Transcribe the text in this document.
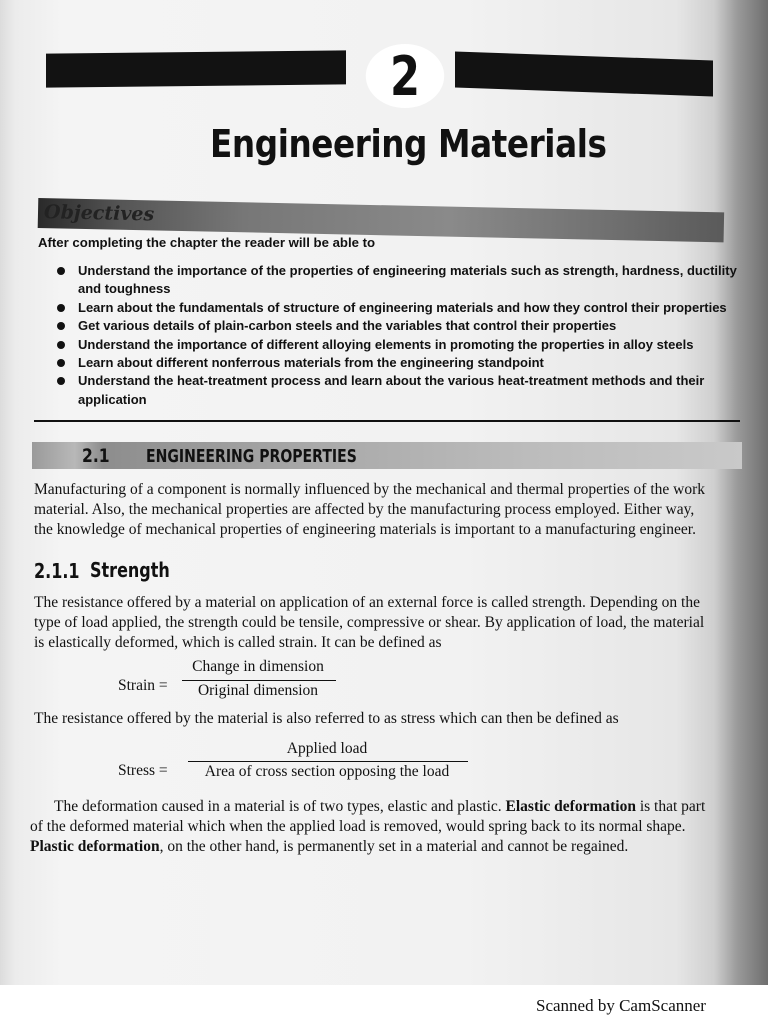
2
Engineering Materials
Objectives
After completing the chapter the reader will be able to
Understand the importance of the properties of engineering materials such as strength, hardness, ductility and toughness
Learn about the fundamentals of structure of engineering materials and how they control their properties
Get various details of plain-carbon steels and the variables that control their properties
Understand the importance of different alloying elements in promoting the properties in alloy steels
Learn about different nonferrous materials from the engineering standpoint
Understand the heat-treatment process and learn about the various heat-treatment methods and their application
2.1 ENGINEERING PROPERTIES
Manufacturing of a component is normally influenced by the mechanical and thermal properties of the work
material. Also, the mechanical properties are affected by the manufacturing process employed. Either way,
the knowledge of mechanical properties of engineering materials is important to a manufacturing engineer.
2.1.1 Strength
The resistance offered by a material on application of an external force is called strength. Depending on the
type of load applied, the strength could be tensile, compressive or shear. By application of load, the material
is elastically deformed, which is called strain. It can be defined as
Strain =
Change in dimension
Original dimension
The resistance offered by the material is also referred to as stress which can then be defined as
Stress =
Applied load
Area of cross section opposing the load
The deformation caused in a material is of two types, elastic and plastic. Elastic deformation is that part
of the deformed material which when the applied load is removed, would spring back to its normal shape.
Plastic deformation, on the other hand, is permanently set in a material and cannot be regained.
Scanned by CamScanner
